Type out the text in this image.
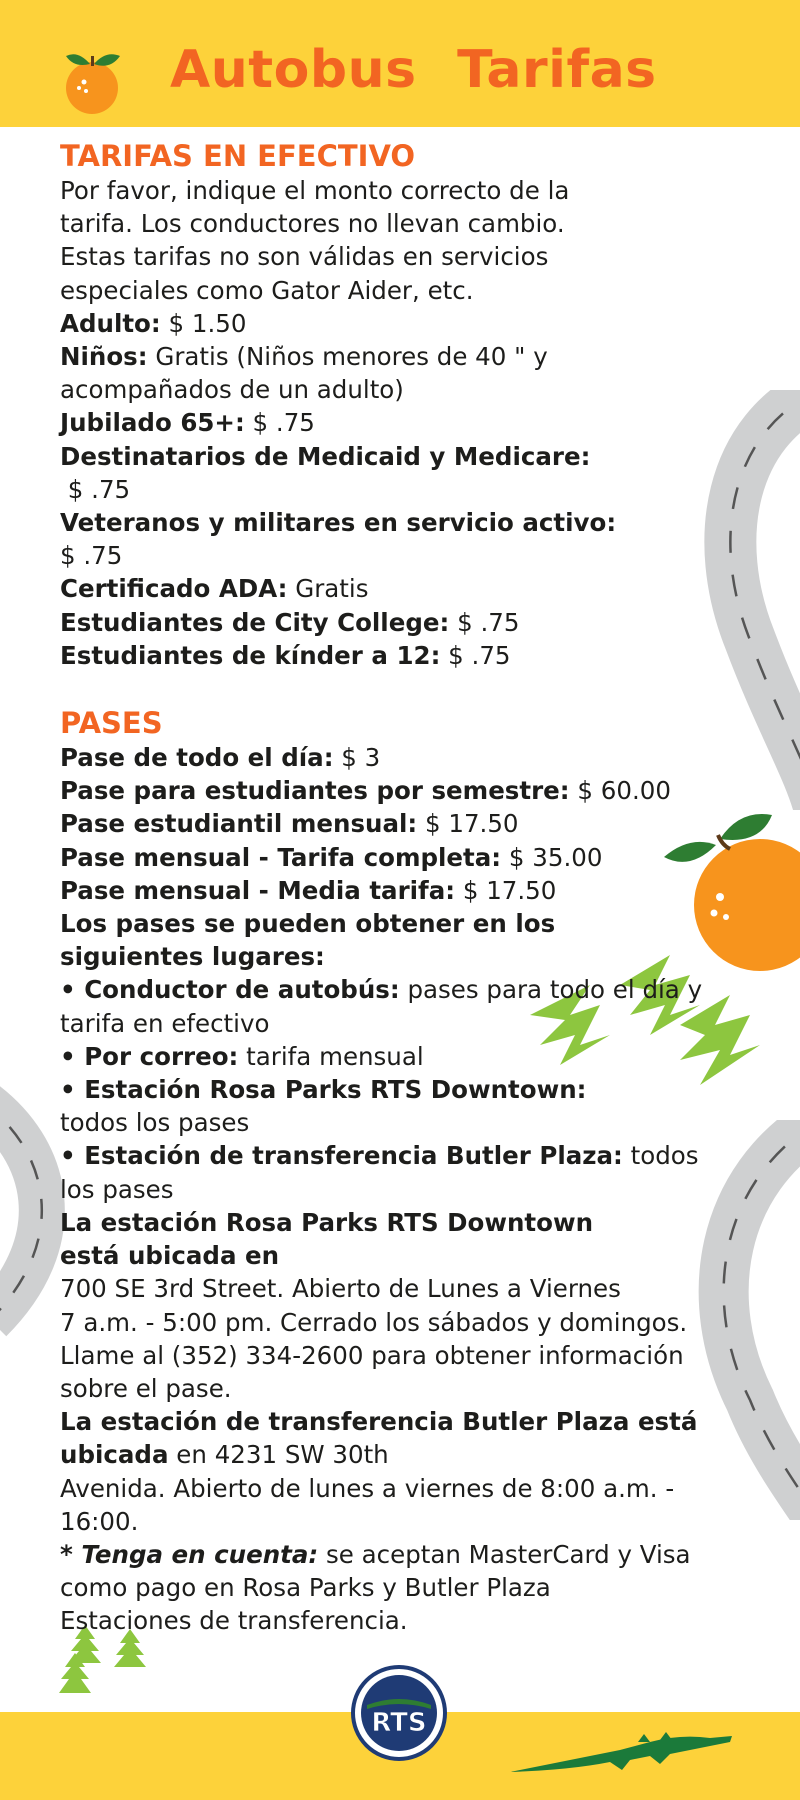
Autobus Tarifas
RTS

TARIFAS EN EFECTIVO

Por favor, indique el monto correcto de la

tarifa. Los conductores no llevan cambio.

Estas tarifas no son válidas en servicios

especiales como Gator Aider, etc.

Adulto: $ 1.50

Niños: Gratis (Niños menores de 40 " y

acompañados de un adulto)

Jubilado 65+: $ .75

Destinatarios de Medicaid y Medicare:

$ .75

Veteranos y militares en servicio activo:

$ .75

Certificado ADA: Gratis

Estudiantes de City College: $ .75

Estudiantes de kínder a 12: $ .75

PASES

Pase de todo el día: $ 3

Pase para estudiantes por semestre: $ 60.00

Pase estudiantil mensual: $ 17.50

Pase mensual - Tarifa completa: $ 35.00

Pase mensual - Media tarifa: $ 17.50

Los pases se pueden obtener en los

siguientes lugares:

• Conductor de autobús: pases para todo el día y

tarifa en efectivo

• Por correo: tarifa mensual

• Estación Rosa Parks RTS Downtown:

todos los pases

• Estación de transferencia Butler Plaza: todos

los pases

La estación Rosa Parks RTS Downtown

está ubicada en

700 SE 3rd Street. Abierto de Lunes a Viernes

7 a.m. - 5:00 pm. Cerrado los sábados y domingos.

Llame al (352) 334-2600 para obtener información

sobre el pase.

La estación de transferencia Butler Plaza está

ubicada en 4231 SW 30th

Avenida. Abierto de lunes a viernes de 8:00 a.m. -

16:00.

* Tenga en cuenta: se aceptan MasterCard y Visa

como pago en Rosa Parks y Butler Plaza

Estaciones de transferencia.
